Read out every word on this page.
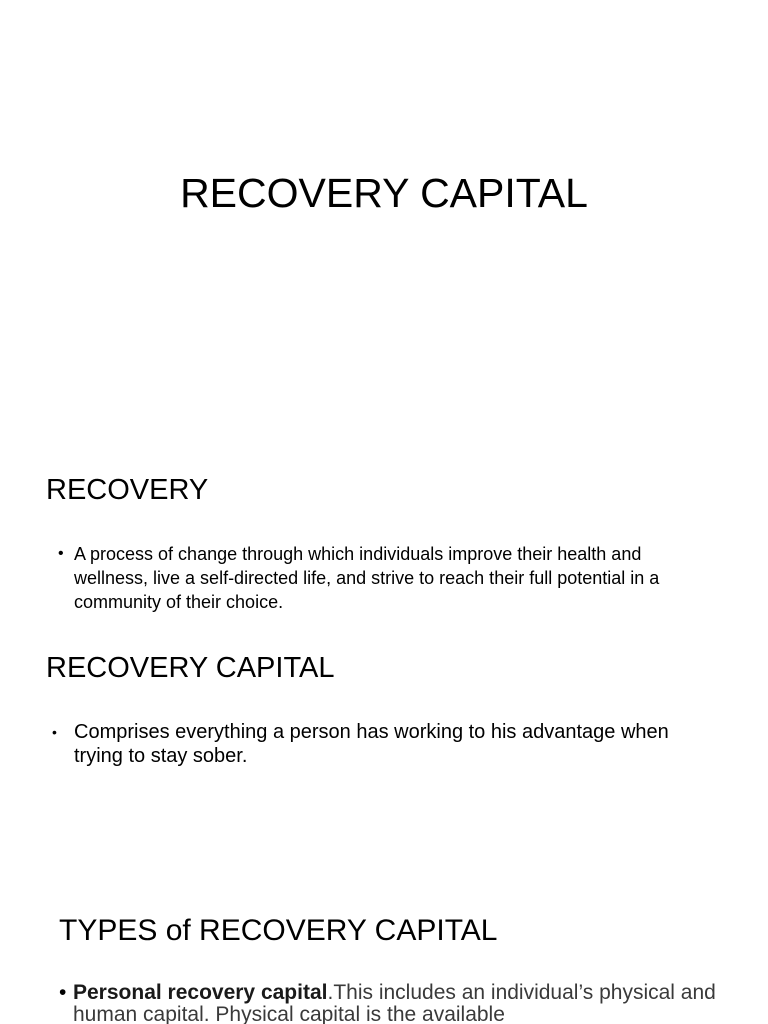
RECOVERY CAPITAL
RECOVERY
• A process of change through which individuals improve their health and wellness, live a self-directed life, and strive to reach their full potential in a community of their choice.
RECOVERY CAPITAL
• Comprises everything a person has working to his advantage when trying to stay sober.
TYPES of RECOVERY CAPITAL
• Personal recovery capital.This includes an individual’s physical and human capital. Physical capital is the available
